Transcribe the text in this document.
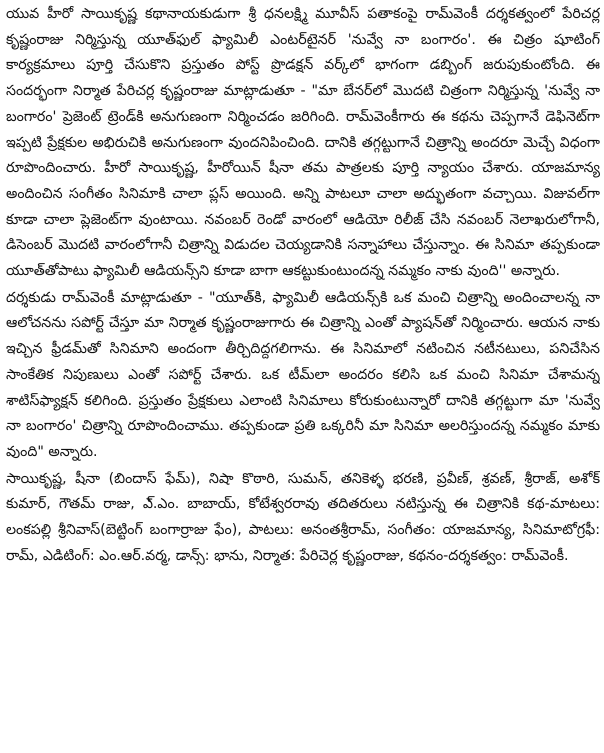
యువ హీరో సాయికృష్ణ కథానాయకుడుగా శ్రీ ధనలక్ష్మి మూవీస్ పతాకంపై రామ్‌వెంకీ దర్శకత్వంలో పేరిచర్ల కృష్ణంరాజు నిర్మిస్తున్న యూత్‌ఫుల్ ఫ్యామిలీ ఎంటర్‌టైనర్ 'నువ్వే నా బంగారం'. ఈ చిత్రం షూటింగ్ కార్యక్రమాలు పూర్తి చేసుకొని ప్రస్తుతం పోస్ట్ ప్రొడక్షన్ వర్క్‌లో భాగంగా డబ్బింగ్ జరుపుకుంటోంది. ఈ సందర్భంగా నిర్మాత పేరిచర్ల కృష్ణంరాజు మాట్లాడుతూ - "మా బేనర్‌లో మొదటి చిత్రంగా నిర్మిస్తున్న 'నువ్వే నా బంగారం' ప్రెజెంట్ ట్రెండ్‌కి అనుగుణంగా నిర్మించడం జరిగింది. రామ్‌వెంకీగారు ఈ కథను చెప్పగానే డెఫినెట్‌గా ఇప్పటి ప్రేక్షకుల అభిరుచికి అనుగుణంగా వుందనిపించింది. దానికి తగ్గట్టుగానే చిత్రాన్ని అందరూ మెచ్చే విధంగా రూపొందించారు. హీరో సాయికృష్ణ, హీరోయిన్ షీనా తమ పాత్రలకు పూర్తి న్యాయం చేశారు. యాజమాన్య అందించిన సంగీతం సినిమాకి చాలా ప్లస్ అయింది. అన్ని పాటలూ చాలా అద్భుతంగా వచ్చాయి. విజువల్‌గా కూడా చాలా ప్లెజెంట్‌గా వుంటాయి. నవంబర్ రెండో వారంలో ఆడియో రిలీజ్ చేసి నవంబర్ నెలాఖరులోగానీ, డిసెంబర్ మొదటి వారంలోగానీ చిత్రాన్ని విడుదల చెయ్యడానికి సన్నాహాలు చేస్తున్నాం. ఈ సినిమా తప్పకుండా యూత్‌తోపాటు ఫ్యామిలీ ఆడియన్స్‌ని కూడా బాగా ఆకట్టుకుంటుందన్న నమ్మకం నాకు వుంది'' అన్నారు.

దర్శకుడు రామ్‌వెంకీ మాట్లాడుతూ - "యూత్‌కి, ఫ్యామిలీ ఆడియన్స్‌కి ఒక మంచి చిత్రాన్ని అందించాలన్న నా ఆలోచనను సపోర్ట్ చేస్తూ మా నిర్మాత కృష్ణంరాజుగారు ఈ చిత్రాన్ని ఎంతో ప్యాషన్‌తో నిర్మించారు. ఆయన నాకు ఇచ్చిన ఫ్రీడమ్‌తో సినిమాని అందంగా తీర్చిదిద్దగలిగాను. ఈ సినిమాలో నటించిన నటీనటులు, పనిచేసిన సాంకేతిక నిపుణులు ఎంతో సపోర్ట్ చేశారు. ఒక టీమ్‌లా అందరం కలిసి ఒక మంచి సినిమా చేశామన్న శాటిస్‌ఫ్యాక్షన్ కలిగింది. ప్రస్తుతం ప్రేక్షకులు ఎలాంటి సినిమాలు కోరుకుంటున్నారో దానికి తగ్గట్టుగా మా 'నువ్వే నా బంగారం' చిత్రాన్ని రూపొందించాము. తప్పకుండా ప్రతి ఒక్కరినీ మా సినిమా అలరిస్తుందన్న నమ్మకం మాకు వుంది" అన్నారు.

సాయికృష్ణ, షీనా (బిందాస్ ఫేమ్), నిషా కొఠారి, సుమన్, తనికెళ్ళ భరణి, ప్రవీణ్, శ్రవణ్, శ్రీరాజ్, అశోక్ కుమార్, గౌతమ్ రాజు, ఎ్.ఎం. బాబాయ్, కోటేశ్వరరావు తదితరులు నటిస్తున్న ఈ చిత్రానికి కథ-మాటలు: లంకపల్లి శ్రీనివాస్(బెట్టింగ్ బంగార్రాజు ఫేం), పాటలు: అనంతశ్రీరామ్, సంగీతం: యాజమాన్య, సినిమాటోగ్రఫీ: రామ్, ఎడిటింగ్: ఎం.ఆర్.వర్మ, డాన్స్: భాను, నిర్మాత: పేరిచెర్ల కృష్ణంరాజు, కథనం-దర్శకత్వం: రామ్‌వెంకీ.
